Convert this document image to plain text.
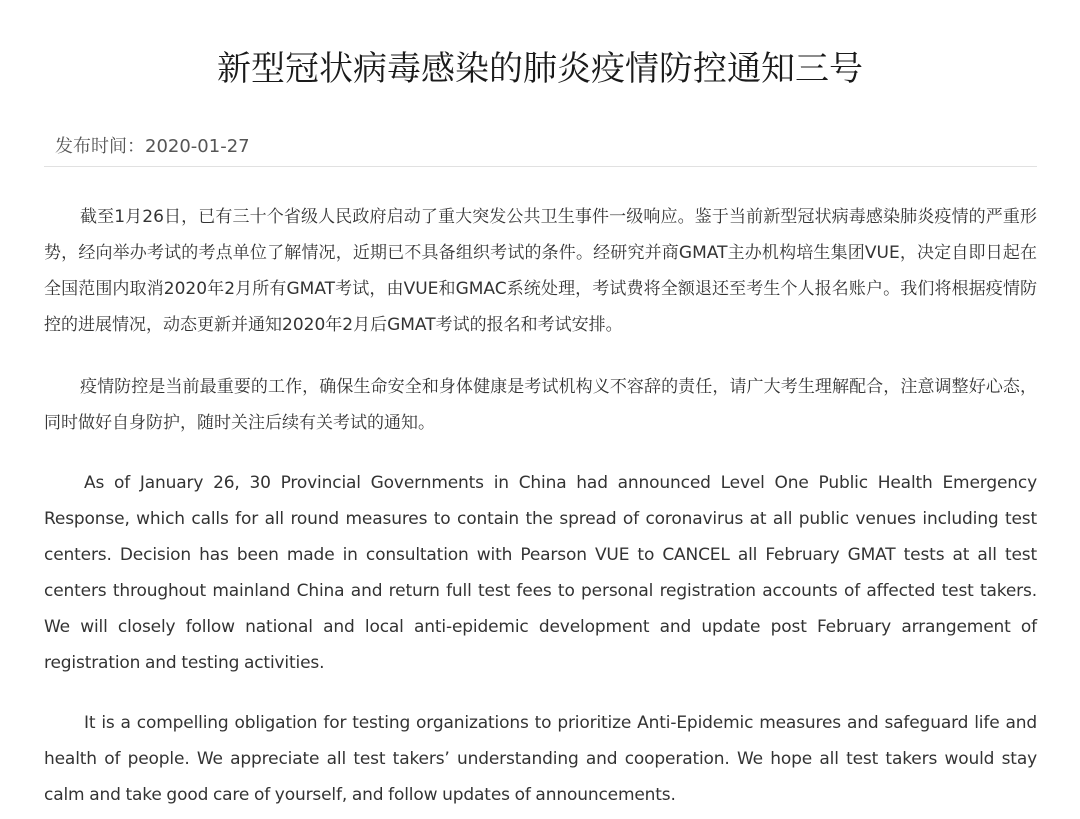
新型冠状病毒感染的肺炎疫情防控通知三号
发布时间：2020-01-27

截至1月26日，已有三十个省级人民政府启动了重大突发公共卫生事件一级响应。鉴于当前新型冠状病毒感染肺炎疫情的严重形势，经向举办考试的考点单位了解情况，近期已不具备组织考试的条件。经研究并商GMAT主办机构培生集团VUE，决定自即日起在全国范围内取消2020年2月所有GMAT考试，由VUE和GMAC系统处理，考试费将全额退还至考生个人报名账户。我们将根据疫情防控的进展情况，动态更新并通知2020年2月后GMAT考试的报名和考试安排。

疫情防控是当前最重要的工作，确保生命安全和身体健康是考试机构义不容辞的责任，请广大考生理解配合，注意调整好心态，同时做好自身防护，随时关注后续有关考试的通知。

As of January 26, 30 Provincial Governments in China had announced Level One Public Health Emergency Response, which calls for all round measures to contain the spread of coronavirus at all public venues including test centers. Decision has been made in consultation with Pearson VUE to CANCEL all February GMAT tests at all test centers throughout mainland China and return full test fees to personal registration accounts of affected test takers. We will closely follow national and local anti-epidemic development and update post February arrangement of registration and testing activities.

It is a compelling obligation for testing organizations to prioritize Anti-Epidemic measures and safeguard life and health of people. We appreciate all test takers’ understanding and cooperation. We hope all test takers would stay calm and take good care of yourself, and follow updates of announcements.
